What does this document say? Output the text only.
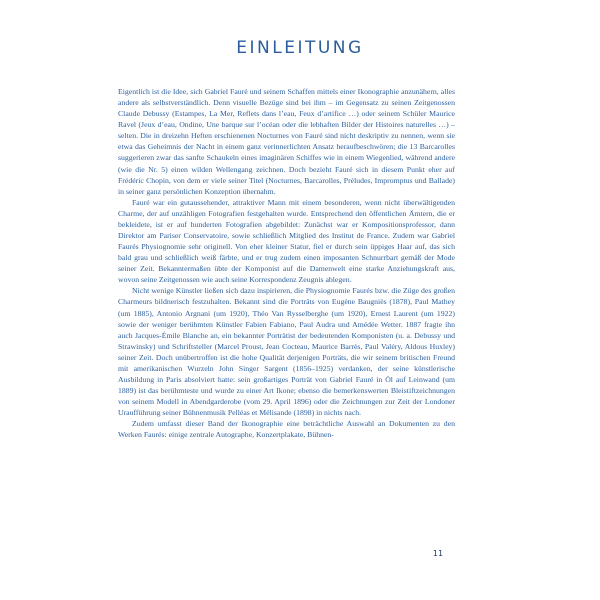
EINLEITUNG

Eigentlich ist die Idee, sich Gabriel Fauré und seinem Schaffen mittels einer Ikonographie anzunähern, alles andere als selbstverständlich. Denn visuelle Bezüge sind bei ihm – im Gegensatz zu seinen Zeitgenossen Claude Debussy (Estampes, La Mer, Reflets dans l’eau, Feux d’artifice …) oder seinem Schüler Maurice Ravel (Jeux d’eau, Ondine, Une barque sur l’océan oder die lebhaften Bilder der Histoires naturelles …) – selten. Die in dreizehn Heften erschienenen Nocturnes von Fauré sind nicht deskriptiv zu nennen, wenn sie etwa das Geheimnis der Nacht in einem ganz verinnerlichten Ansatz heraufbeschwören; die 13 Barcarolles suggerieren zwar das sanfte Schaukeln eines imaginären Schiffes wie in einem Wiegenlied, während andere (wie die Nr. 5) einen wilden Wellengang zeichnen. Doch bezieht Fauré sich in diesem Punkt eher auf Frédéric Chopin, von dem er viele seiner Titel (Nocturnes, Barcarolles, Préludes, Impromptus und Ballade) in seiner ganz persönlichen Konzeption übernahm.

Fauré war ein gutaussehender, attraktiver Mann mit einem besonderen, wenn nicht überwältigenden Charme, der auf unzähligen Fotografien festgehalten wurde. Entsprechend den öffentlichen Ämtern, die er bekleidete, ist er auf hunderten Fotografien abgebildet: Zunächst war er Kompositionsprofessor, dann Direktor am Pariser Conservatoire, sowie schließlich Mitglied des Institut de France. Zudem war Gabriel Faurés Physiognomie sehr originell. Von eher kleiner Statur, fiel er durch sein üppiges Haar auf, das sich bald grau und schließlich weiß färbte, und er trug zudem einen imposanten Schnurrbart gemäß der Mode seiner Zeit. Bekanntermaßen übte der Komponist auf die Damenwelt eine starke Anziehungskraft aus, wovon seine Zeitgenossen wie auch seine Korrespondenz Zeugnis ablegen.

Nicht wenige Künstler ließen sich dazu inspirieren, die Physiognomie Faurés bzw. die Züge des großen Charmeurs bildnerisch festzuhalten. Bekannt sind die Porträts von Eugène Baugniès (1878), Paul Mathey (um 1885), Antonio Argnani (um 1920), Théo Van Rysselberghe (um 1920), Ernest Laurent (um 1922) sowie der weniger berühmten Künstler Fabien Fabiano, Paul Audra und Amédée Wetter. 1887 fragte ihn auch Jacques-Émile Blanche an, ein bekannter Porträtist der bedeutenden Komponisten (u. a. Debussy und Strawinsky) und Schriftsteller (Marcel Proust, Jean Cocteau, Maurice Barrès, Paul Valéry, Aldous Huxley) seiner Zeit. Doch unübertroffen ist die hohe Qualität derjenigen Porträts, die wir seinem britischen Freund mit amerikanischen Wurzeln John Singer Sargent (1856–1925) verdanken, der seine künstlerische Ausbildung in Paris absolviert hatte: sein großartiges Porträt von Gabriel Fauré in Öl auf Leinwand (um 1889) ist das berühmteste und wurde zu einer Art Ikone; ebenso die bemerkenswerten Bleistiftzeichnungen von seinem Modell in Abendgarderobe (vom 29. April 1896) oder die Zeichnungen zur Zeit der Londoner Uraufführung seiner Bühnenmusik Pelléas et Mélisande (1898) in nichts nach.

Zudem umfasst dieser Band der Ikonographie eine beträchtliche Auswahl an Dokumenten zu den Werken Faurés: einige zentrale Autographe, Konzertplakate, Bühnen-

11
